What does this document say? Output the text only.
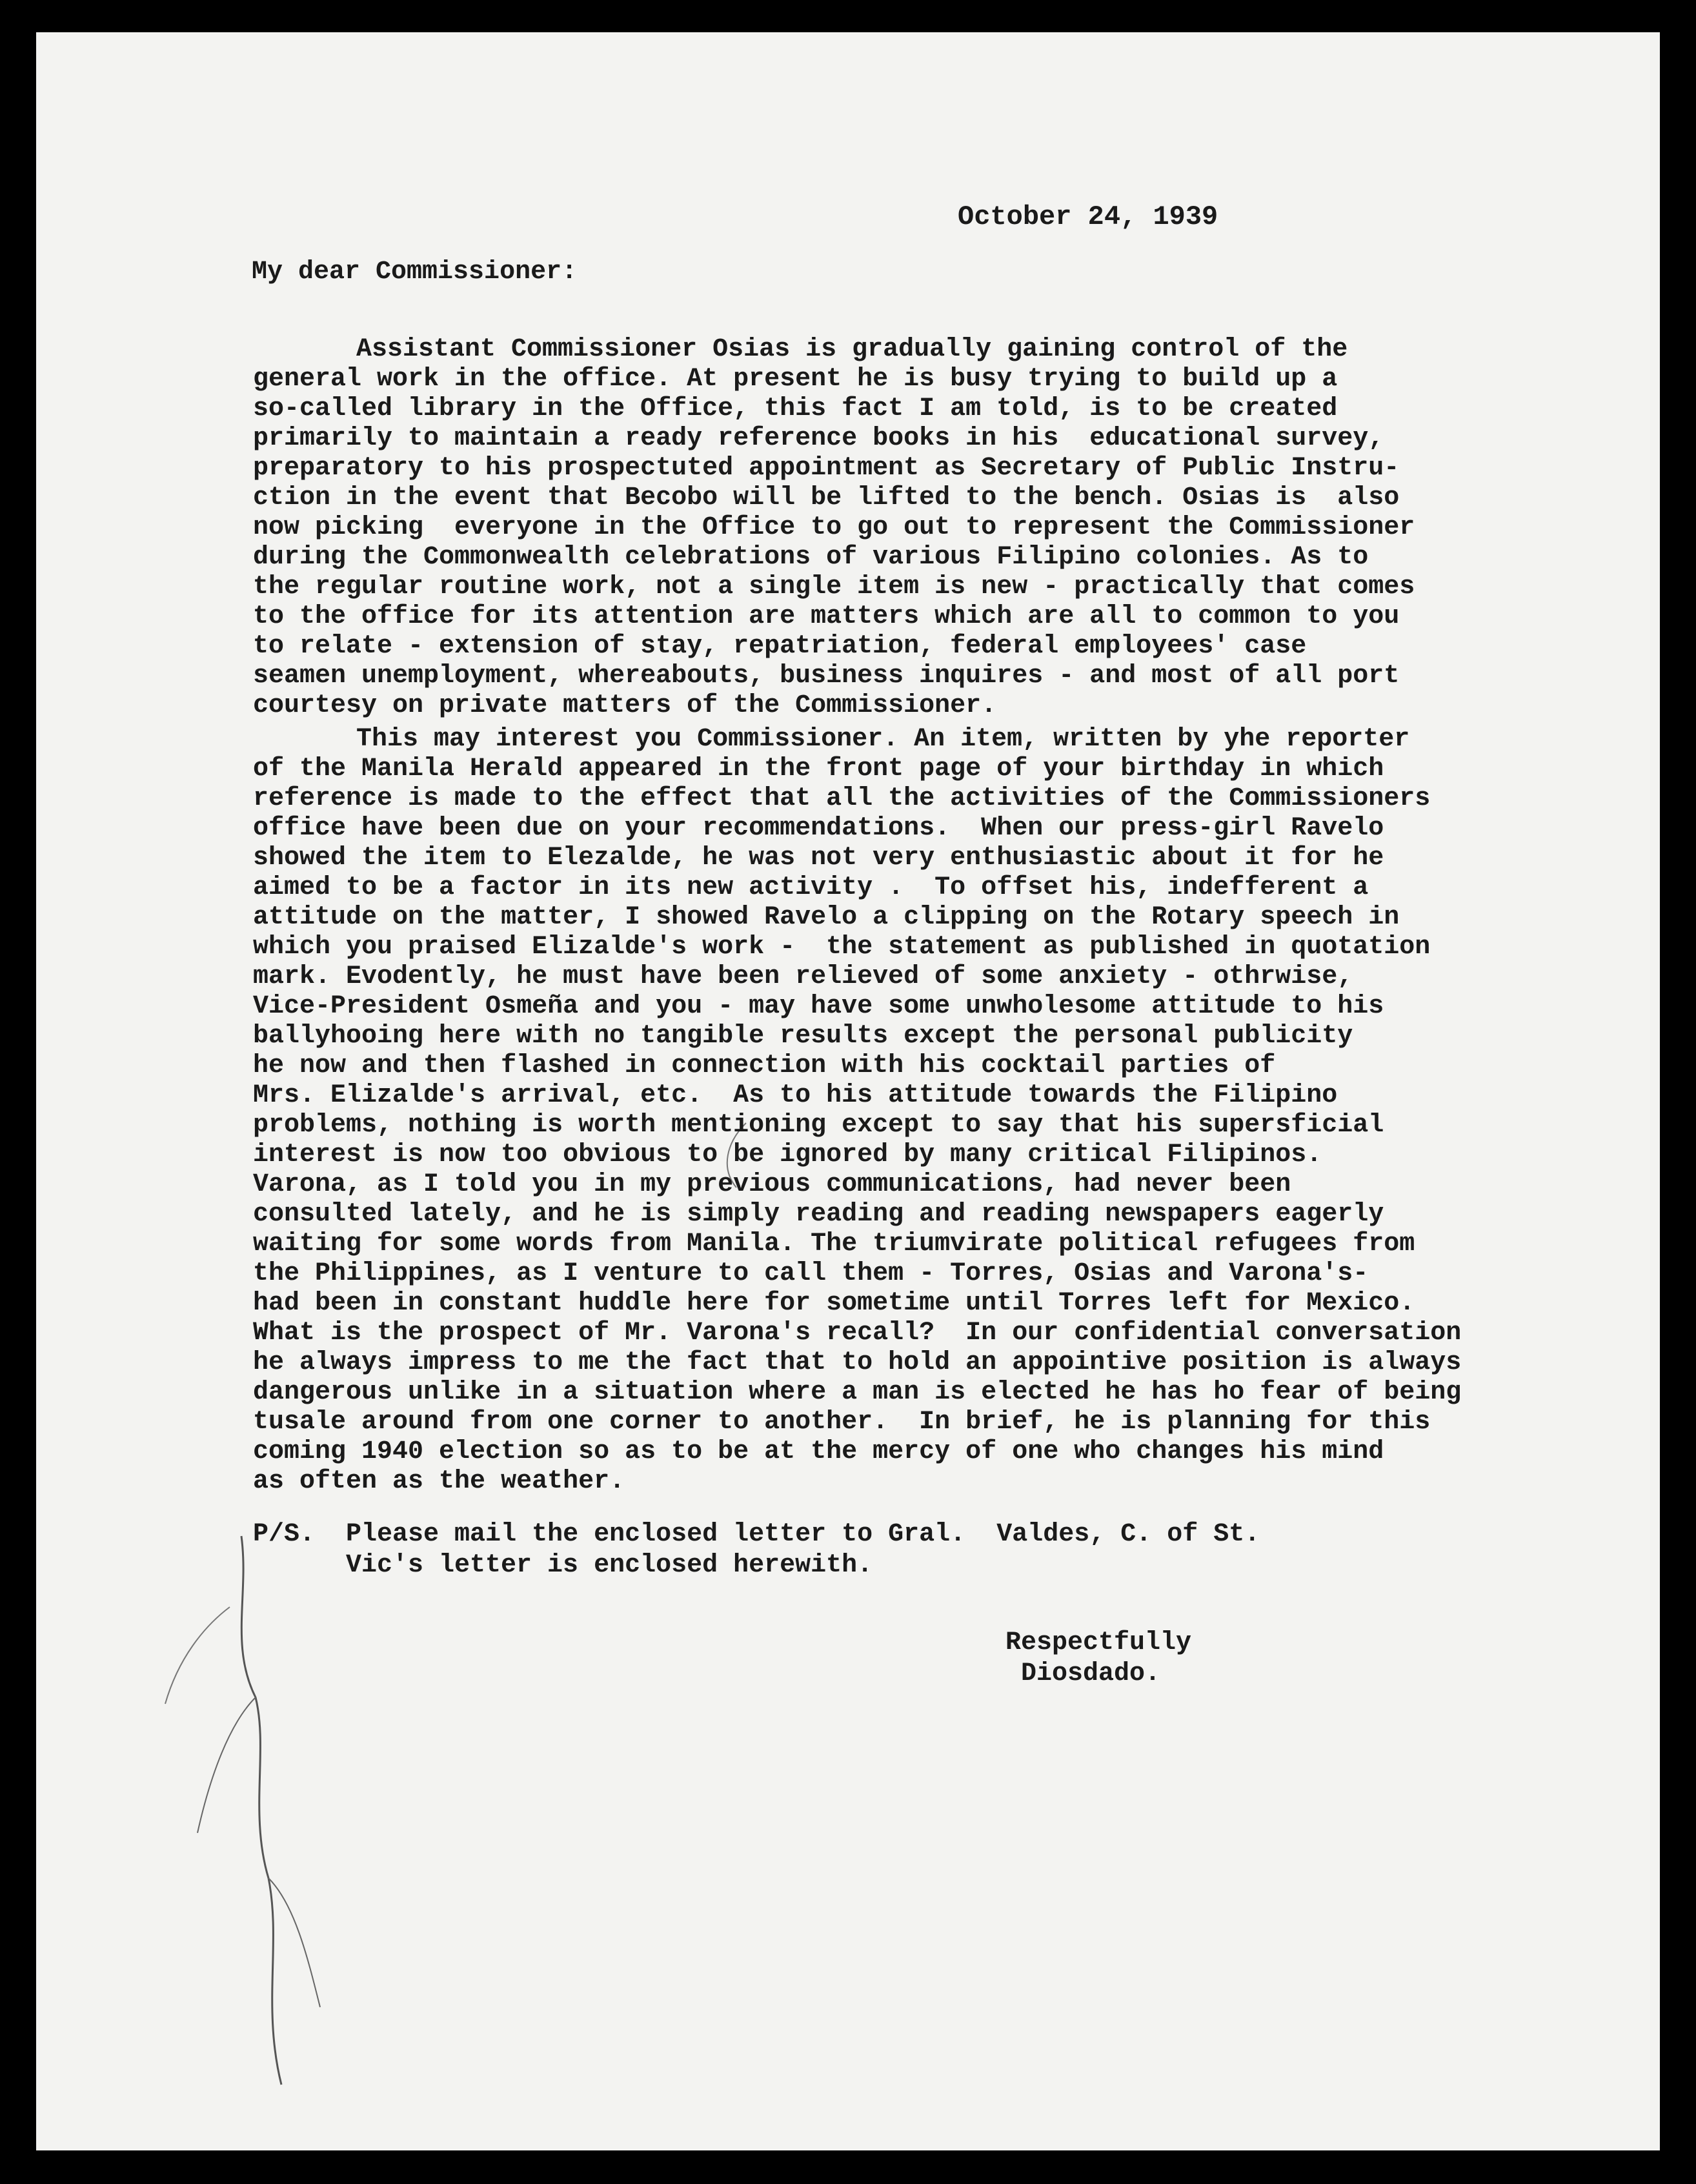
October 24, 1939
My dear Commissioner:
Assistant Commissioner Osias is gradually gaining control of the
general work in the office. At present he is busy trying to build up a
so-called library in the Office, this fact I am told, is to be created
primarily to maintain a ready reference books in his  educational survey,
preparatory to his prospectuted appointment as Secretary of Public Instru-
ction in the event that Becobo will be lifted to the bench. Osias is  also
now picking  everyone in the Office to go out to represent the Commissioner
during the Commonwealth celebrations of various Filipino colonies. As to
the regular routine work, not a single item is new - practically that comes
to the office for its attention are matters which are all to common to you
to relate - extension of stay, repatriation, federal employees' case
seamen unemployment, whereabouts, business inquires - and most of all port
courtesy on private matters of the Commissioner.
This may interest you Commissioner. An item, written by yhe reporter
of the Manila Herald appeared in the front page of your birthday in which
reference is made to the effect that all the activities of the Commissioners
office have been due on your recommendations.  When our press-girl Ravelo
showed the item to Elezalde, he was not very enthusiastic about it for he
aimed to be a factor in its new activity .  To offset his, indefferent a
attitude on the matter, I showed Ravelo a clipping on the Rotary speech in
which you praised Elizalde's work -  the statement as published in quotation
mark. Evodently, he must have been relieved of some anxiety - othrwise,
Vice-President Osmeña and you - may have some unwholesome attitude to his
ballyhooing here with no tangible results except the personal publicity
he now and then flashed in connection with his cocktail parties of
Mrs. Elizalde's arrival, etc.  As to his attitude towards the Filipino
problems, nothing is worth mentioning except to say that his supersficial
interest is now too obvious to be ignored by many critical Filipinos.
Varona, as I told you in my previous communications, had never been
consulted lately, and he is simply reading and reading newspapers eagerly
waiting for some words from Manila. The triumvirate political refugees from
the Philippines, as I venture to call them - Torres, Osias and Varona's-
had been in constant huddle here for sometime until Torres left for Mexico.
What is the prospect of Mr. Varona's recall?  In our confidential conversation
he always impress to me the fact that to hold an appointive position is always
dangerous unlike in a situation where a man is elected he has ho fear of being
tusale around from one corner to another.  In brief, he is planning for this
coming 1940 election so as to be at the mercy of one who changes his mind
as often as the weather.
P/S.  Please mail the enclosed letter to Gral.  Valdes, C. of St.
Vic's letter is enclosed herewith.
Respectfully
Diosdado.
